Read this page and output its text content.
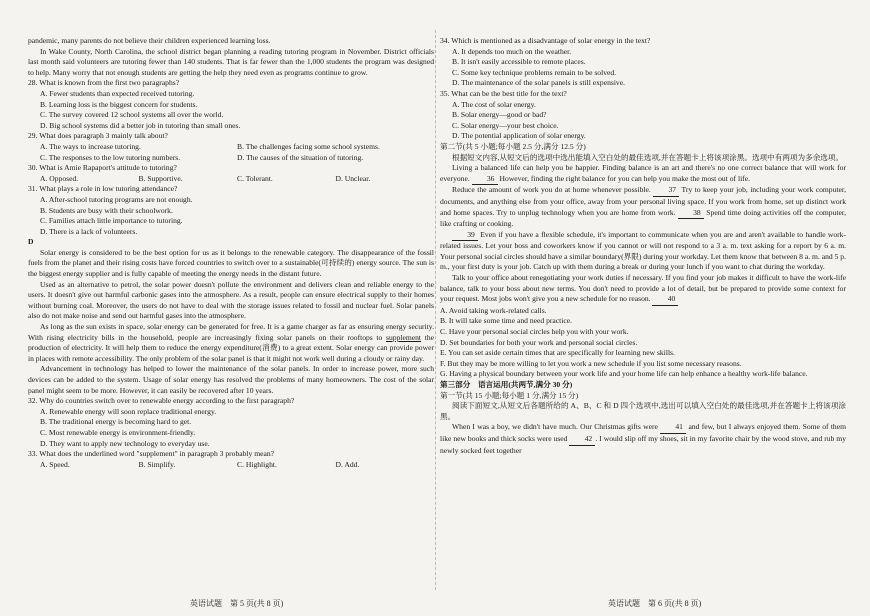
pandemic, many parents do not believe their children experienced learning loss.

In Wake County, North Carolina, the school district began planning a reading tutoring program in November. District officials last month said volunteers are tutoring fewer than 140 students. That is far fewer than the 1,000 students the program was designed to help. Many worry that not enough students are getting the help they need even as programs continue to grow.

28. What is known from the first two paragraphs?

A. Fewer students than expected received tutoring.

B. Learning loss is the biggest concern for students.

C. The survey covered 12 school systems all over the world.

D. Big school systems did a better job in tutoring than small ones.

29. What does paragraph 3 mainly talk about?

A. The ways to increase tutoring.	B. The challenges facing some school systems.
C. The responses to the low tutoring numbers.	D. The causes of the situation of tutoring.

30. What is Amie Rapaport's attitude to tutoring?

A. Opposed.	B. Supportive.	C. Tolerant.	D. Unclear.

31. What plays a role in low tutoring attendance?

A. After-school tutoring programs are not enough.

B. Students are busy with their schoolwork.

C. Families attach little importance to tutoring.

D. There is a lack of volunteers.

D

Solar energy is considered to be the best option for us as it belongs to the renewable category. The disappearance of the fossil fuels from the planet and their rising costs have forced countries to switch over to a sustainable(可持续的) energy source. The sun is the biggest energy supplier and is fully capable of meeting the energy needs in the distant future.

Used as an alternative to petrol, the solar power doesn't pollute the environment and delivers clean and reliable energy to the users. It doesn't give out harmful carbonic gases into the atmosphere. As a result, people can ensure electrical supply to their homes without burning coal. Moreover, the users do not have to deal with the storage issues related to fossil and nuclear fuel. Solar panels also do not make noise and send out harmful gases into the atmosphere.

As long as the sun exists in space, solar energy can be generated for free. It is a game charger as far as ensuring energy security. With rising electricity bills in the household, people are increasingly fixing solar panels on their rooftops to supplement the production of electricity. It will help them to reduce the energy expenditure(消费) to a great extent. Solar energy can provide power in places with remote accessibility. The only problem of the solar panel is that it might not work well during a cloudy or rainy day.

Advancement in technology has helped to lower the maintenance of the solar panels. In order to increase power, more such devices can be added to the system. Usage of solar energy has resolved the problems of many homeowners. The cost of the solar panel might seem to be more. However, it can easily be recovered after 10 years.

32. Why do countries switch over to renewable energy according to the first paragraph?

A. Renewable energy will soon replace traditional energy.

B. The traditional energy is becoming hard to get.

C. Most renewable energy is environment-friendly.

D. They want to apply new technology to everyday use.

33. What does the underlined word "supplement" in paragraph 3 probably mean?

A. Speed.	B. Simplify.	C. Highlight.	D. Add.

34. Which is mentioned as a disadvantage of solar energy in the text?

A. It depends too much on the weather.

B. It isn't easily accessible to remote places.

C. Some key technique problems remain to be solved.

D. The maintenance of the solar panels is still expensive.

35. What can be the best title for the text?

A. The cost of solar energy.

B. Solar energy—good or bad?

C. Solar energy—your best choice.

D. The potential application of solar energy.

第二节(共 5 小题;每小题 2.5 分,满分 12.5 分)

根据短文内容,从短文后的选项中选出能填入空白处的最佳选项,并在答题卡上将该项涂黑。选项中有两项为多余选项。

Living a balanced life can help you be happier. Finding balance is an art and there's no one correct balance that will work for everyone. 36 However, finding the right balance for you can help you make the most out of life.

Reduce the amount of work you do at home whenever possible. 37 Try to keep your job, including your work computer, documents, and anything else from your office, away from your personal living space. If you work from home, set up distinct work and home spaces. Try to unplug technology when you are home from work. 38 Spend time doing activities off the computer, like crafting or cooking.

39 Even if you have a flexible schedule, it's important to communicate when you are and aren't available to handle work-related issues. Let your boss and coworkers know if you cannot or will not respond to a 3 a. m. text asking for a report by 6 a. m. Your personal social circles should have a similar boundary(界限) during your workday. Let them know that between 8 a. m. and 5 p. m., your first duty is your job. Catch up with them during a break or during your lunch if you want to chat during the workday.

Talk to your office about renegotiating your work duties if necessary. If you find your job makes it difficult to have the work-life balance, talk to your boss about new terms. You don't need to provide a lot of detail, but be prepared to provide some context for your request. Most jobs won't give you a new schedule for no reason. 40

A. Avoid taking work-related calls.

B. It will take some time and need practice.

C. Have your personal social circles help you with your work.

D. Set boundaries for both your work and personal social circles.

E. You can set aside certain times that are specifically for learning new skills.

F. But they may be more willing to let you work a new schedule if you list some necessary reasons.

G. Having a physical boundary between your work life and your home life can help enhance a healthy work-life balance.

第三部分　语言运用(共两节,满分 30 分)

第一节(共 15 小题;每小题 1 分,满分 15 分)

阅读下面短文,从短文后各题所给的 A、B、C 和 D 四个选项中,选出可以填入空白处的最佳选项,并在答题卡上将该项涂黑。

When I was a boy, we didn't have much. Our Christmas gifts were 41 and few, but I always enjoyed them. Some of them like new books and thick socks were used 42 . I would slip off my shoes, sit in my favorite chair by the wood stove, and rub my newly socked feet together

英语试题　第 5 页(共 8 页)	英语试题　第 6 页(共 8 页)
